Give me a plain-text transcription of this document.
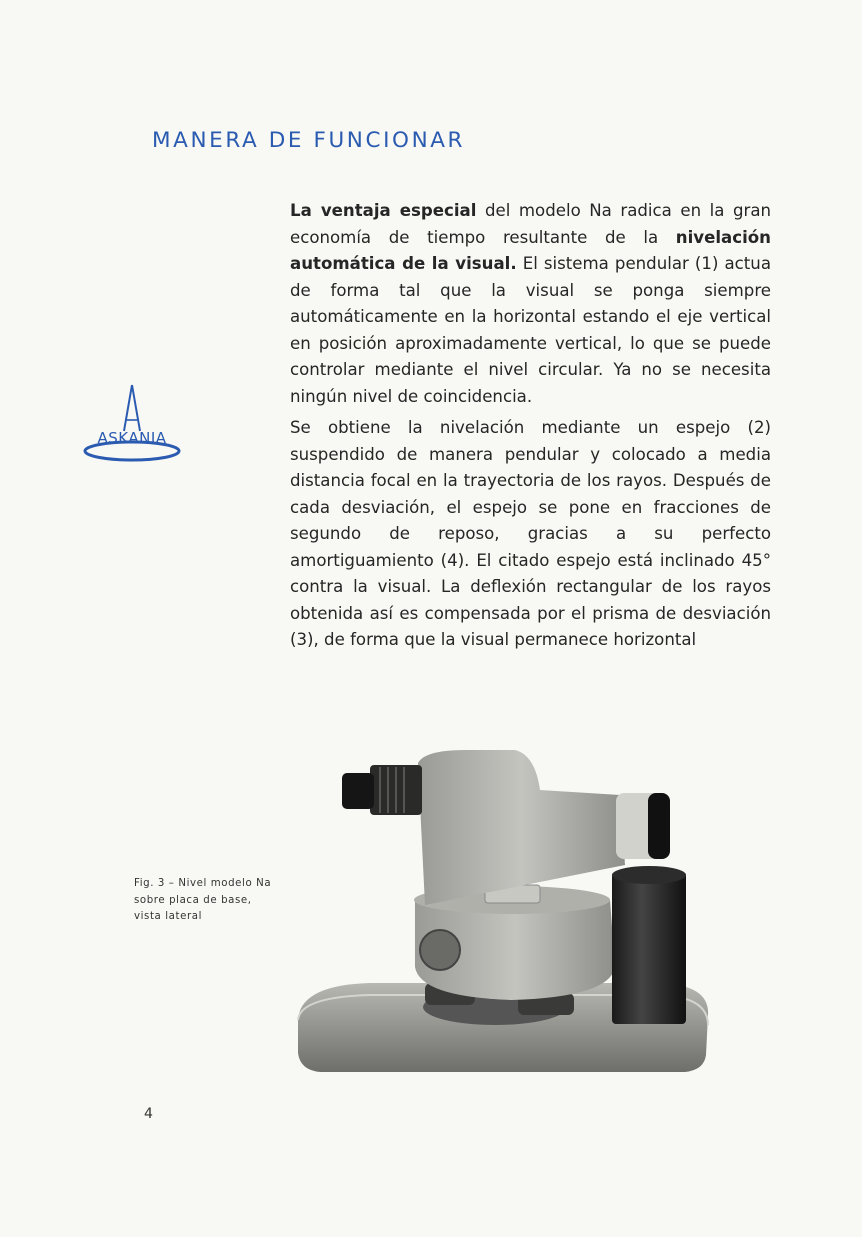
MANERA DE FUNCIONAR
ASKANIA

La ventaja especial del modelo Na radica en la gran economía de tiempo resultante de la nivelación automática de la visual. El sistema pendular (1) actua de forma tal que la visual se ponga siempre automáticamente en la horizontal estando el eje vertical en posición aproximadamente vertical, lo que se puede controlar mediante el nivel circular. Ya no se necesita ningún nivel de coincidencia.

Se obtiene la nivelación mediante un espejo (2) suspendido de manera pendular y colocado a media distancia focal en la trayectoria de los rayos. Después de cada desviación, el espejo se pone en fracciones de segundo de reposo, gracias a su perfecto amortiguamiento (4). El citado espejo está inclinado 45° contra la visual. La deflexión rectangular de los rayos obtenida así es compensada por el prisma de desviación (3), de forma que la visual permanece horizontal

Fig. 3 – Nivel modelo Na
sobre placa de base,
vista lateral
4
